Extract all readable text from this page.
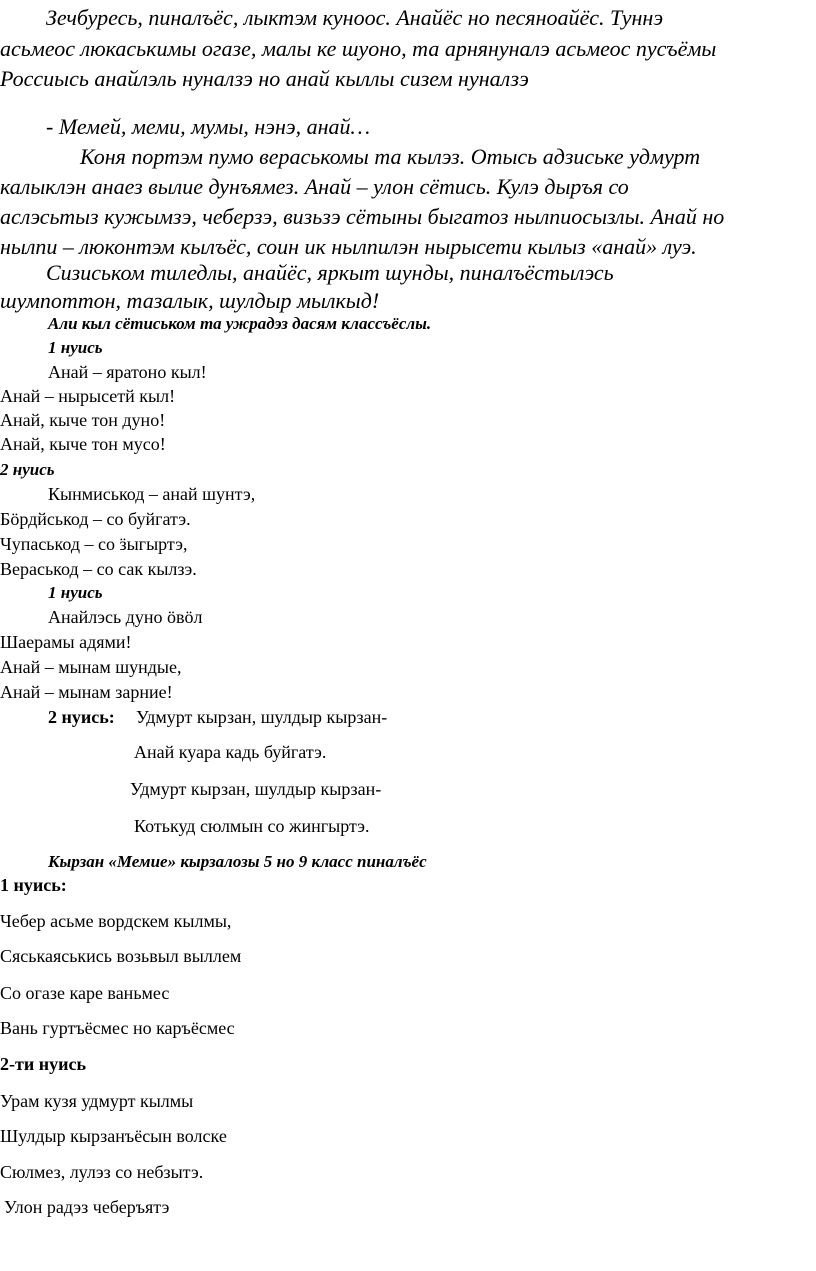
Зечбуресь, пиналъёс, лыктэм куноос. Анайёс но песяноайёс. Туннэ
асьмеос люкаськимы огазе, малы ке шуоно, та арнянуналэ асьмеос пусъёмы
Россиысь анайлэль нуналзэ но анай кыллы сизем нуналзэ
- Мемей, меми, мумы, нэнэ, анай…
Коня портэм пумо вераськомы та кылэз. Отысь адзиське удмурт
калыклэн анаез вылие дунъямез. Анай – улон сётись. Кулэ дыръя со
аслэсьтыз кужымзэ, чеберзэ, визьзэ сётыны быгатоз нылпиосызлы. Анай но
нылпи – люконтэм кылъёс, соин ик нылпилэн нырысети кылыз «анай» луэ.
Сизиськом тиледлы, анайёс, яркыт шунды, пиналъёстылэсь
шумпоттон, тазалык, шулдыр мылкыд!
Али кыл сётиськом та ужрадэз дасям классъёслы.
1 нуись
Анай – яратоно кыл!
Анай – нырысетй кыл!
Анай, кыче тон дуно!
Анай, кыче тон мусо!
2 нуись
Кынмиськод – анай шунтэ,
Бöрдйськод – со буйгатэ.
Чупаськод – со ӟыгыртэ,
Вераськод – со сак кылзэ.
1 нуись
Анайлэсь дуно öвöл
Шаерамы адями!
Анай – мынам шундые,
Анай – мынам зарние!
2 нуись: Удмурт кырзан, шулдыр кырзан-
Анай куара кадь буйгатэ.
Удмурт кырзан, шулдыр кырзан-
Котькуд сюлмын со жингыртэ.
Кырзан «Мемие» кырзалозы 5 но 9 класс пиналъёс
1 нуись:
Чебер асьме вордскем кылмы,
Сяськаяськись возьвыл выллем
Со огазе каре ваньмес
Вань гуртъёсмес но каръёсмес
2-ти нуись
Урам кузя удмурт кылмы
Шулдыр кырзанъёсын волске
Сюлмез, лулэз со небзытэ.
Улон радэз чеберъятэ
